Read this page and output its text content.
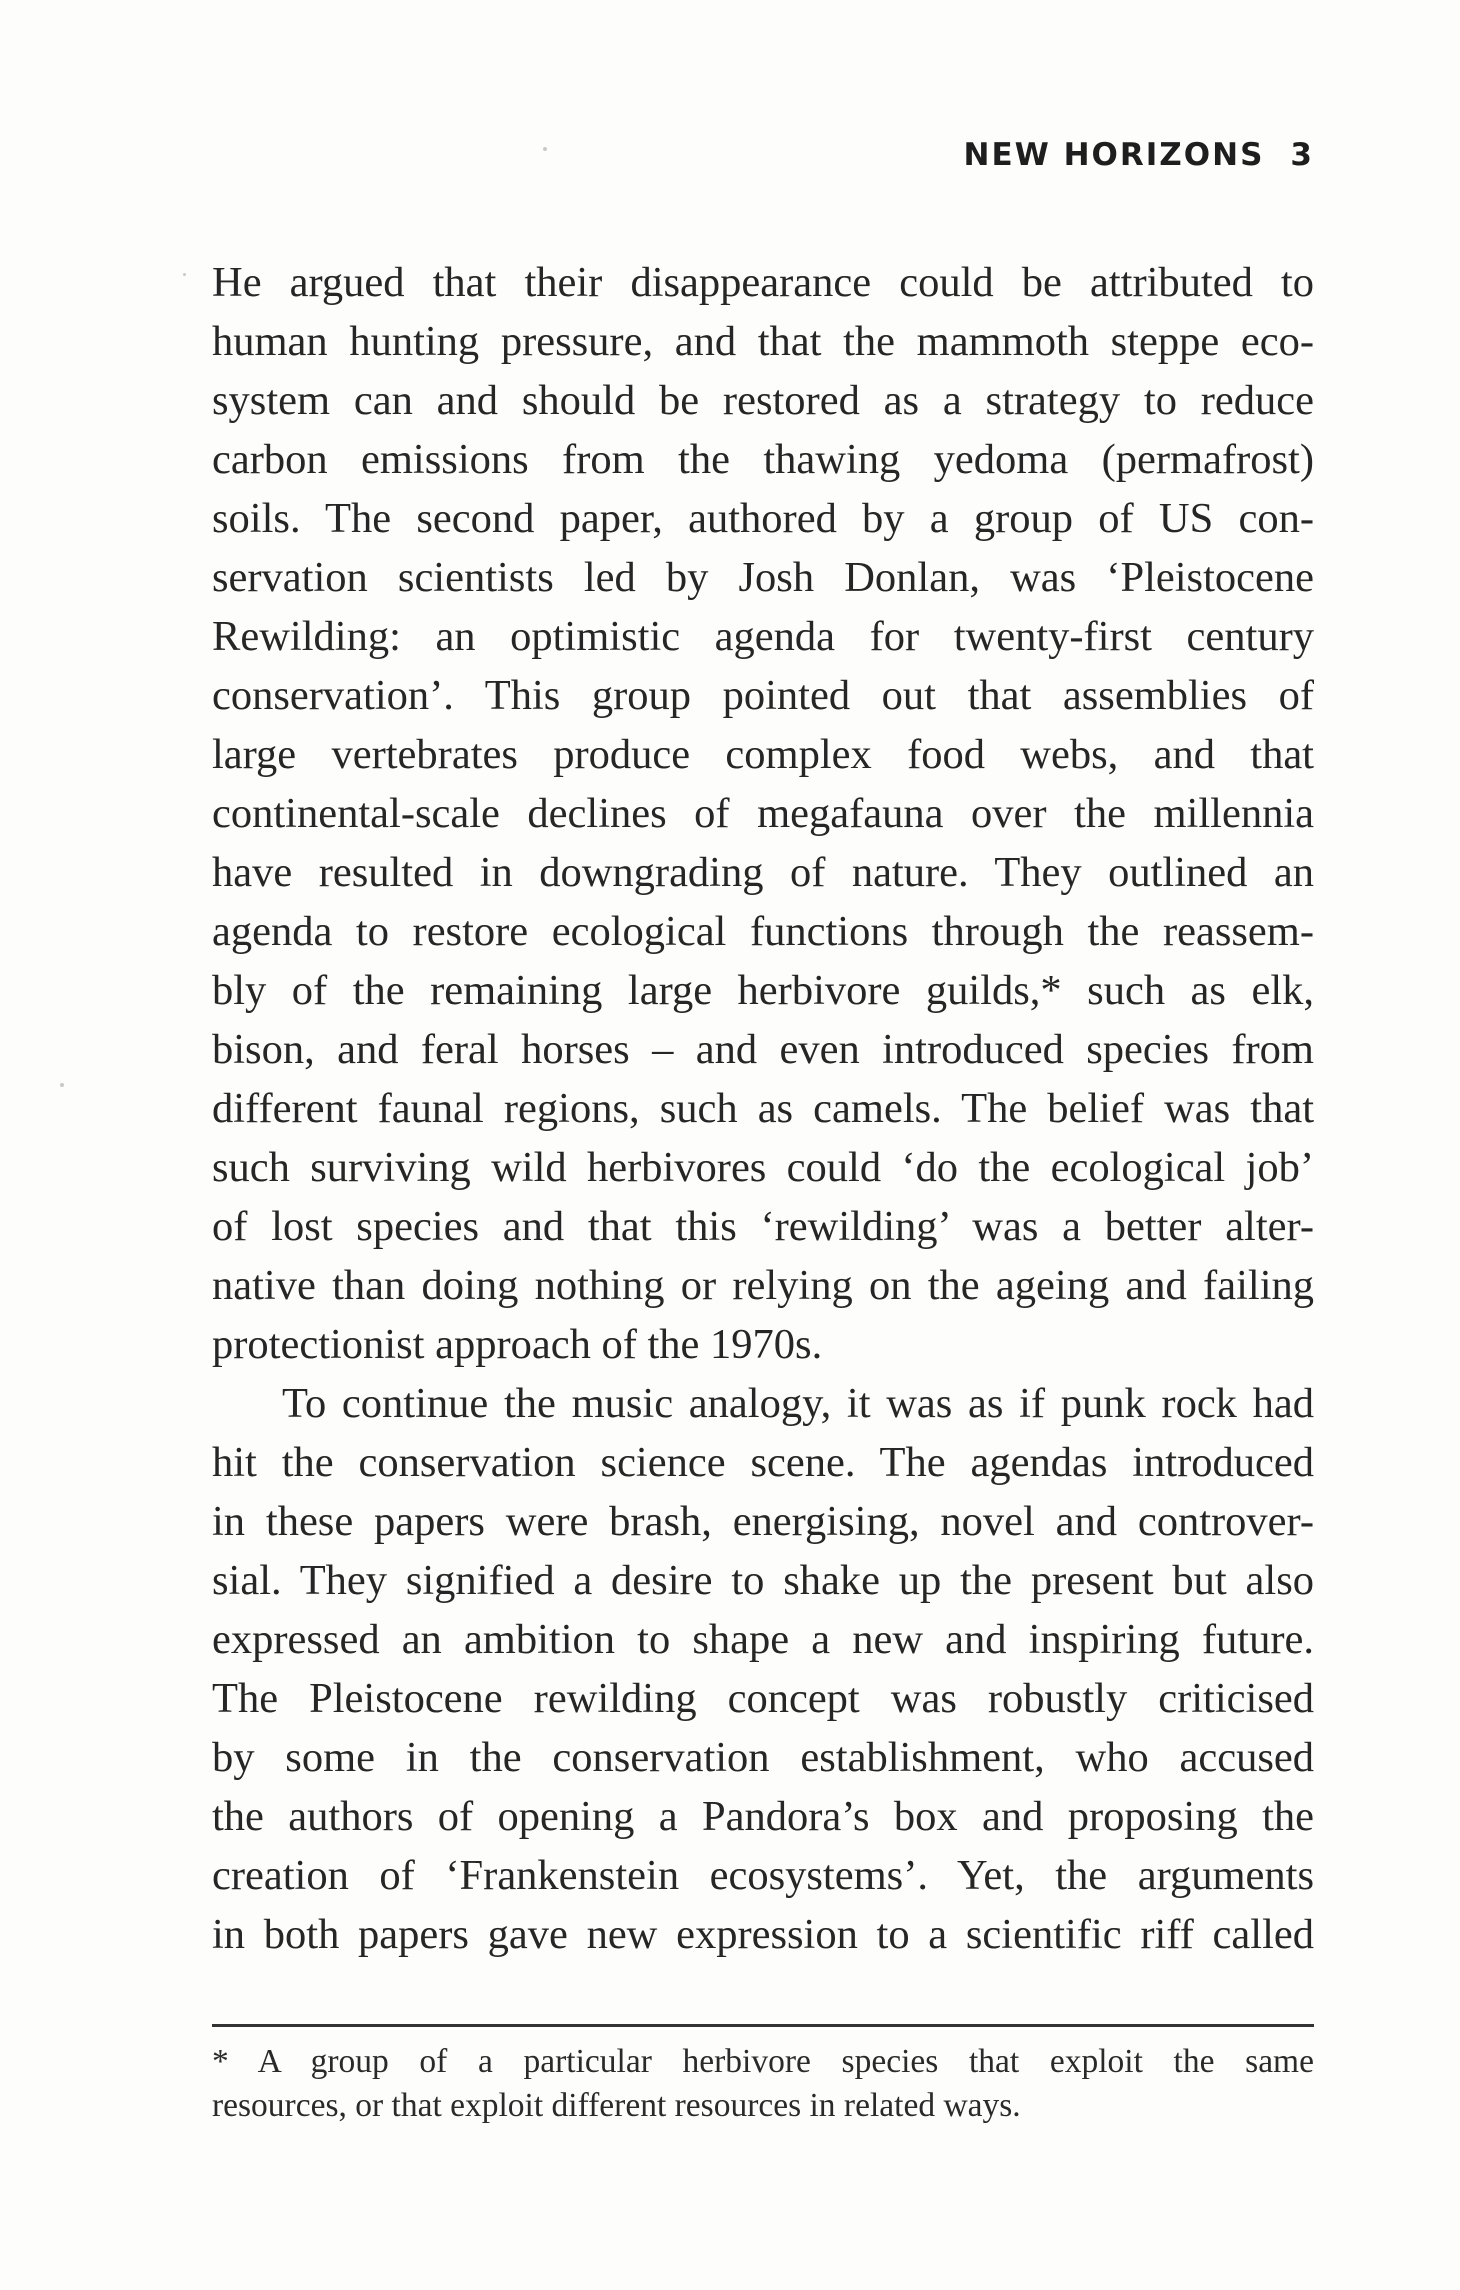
NEW HORIZONS 3
He argued that their disappearance could be attributed to
human hunting pressure, and that the mammoth steppe eco-
system can and should be restored as a strategy to reduce
carbon emissions from the thawing yedoma (permafrost)
soils. The second paper, authored by a group of US con-
servation scientists led by Josh Donlan, was ‘Pleistocene
Rewilding: an optimistic agenda for twenty-first century
conservation’. This group pointed out that assemblies of
large vertebrates produce complex food webs, and that
continental-scale declines of megafauna over the millennia
have resulted in downgrading of nature. They outlined an
agenda to restore ecological functions through the reassem-
bly of the remaining large herbivore guilds,* such as elk,
bison, and feral horses – and even introduced species from
different faunal regions, such as camels. The belief was that
such surviving wild herbivores could ‘do the ecological job’
of lost species and that this ‘rewilding’ was a better alter-
native than doing nothing or relying on the ageing and failing
protectionist approach of the 1970s.
To continue the music analogy, it was as if punk rock had
hit the conservation science scene. The agendas introduced
in these papers were brash, energising, novel and controver-
sial. They signified a desire to shake up the present but also
expressed an ambition to shape a new and inspiring future.
The Pleistocene rewilding concept was robustly criticised
by some in the conservation establishment, who accused
the authors of opening a Pandora’s box and proposing the
creation of ‘Frankenstein ecosystems’. Yet, the arguments
in both papers gave new expression to a scientific riff called
* A group of a particular herbivore species that exploit the same
resources, or that exploit different resources in related ways.
